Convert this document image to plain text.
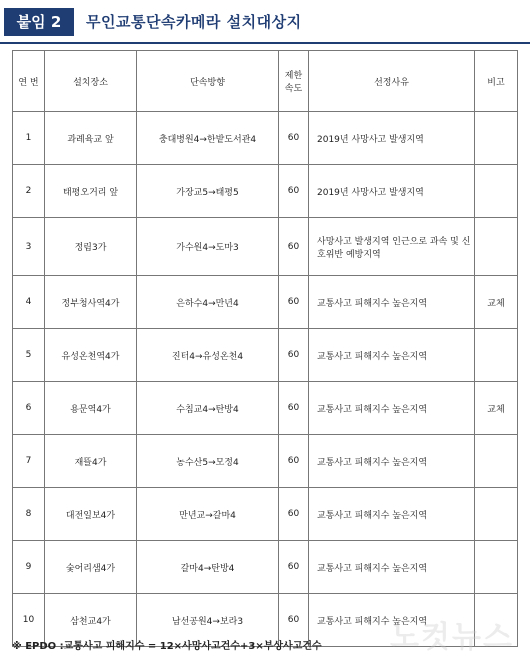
붙임 2	무인교통단속카메라 설치대상지
연 번	설치장소	단속방향	제한 속도	선정사유	비고
1	과례육교 앞	충대병원4→한밭도서관4	60	2019년 사망사고 발생지역	
2	태평오거리 앞	가장교5→태평5	60	2019년 사망사고 발생지역	
3	정림3가	가수원4→도마3	60	사망사고 발생지역 인근으로 과속 및 신호위반 예방지역	
4	정부청사역4가	은하수4→만년4	60	교통사고 피해지수 높은지역	교체
5	유성온천역4가	진터4→유성온천4	60	교통사고 피해지수 높은지역	
6	용문역4가	수침교4→탄방4	60	교통사고 피해지수 높은지역	교체
7	재뜰4가	농수산5→모정4	60	교통사고 피해지수 높은지역	
8	대전일보4가	만년교→갈마4	60	교통사고 피해지수 높은지역	
9	숯어리샘4가	갈마4→탄방4	60	교통사고 피해지수 높은지역	
10	삼천교4가	남선공원4→보라3	60	교통사고 피해지수 높은지역	
※ EPDO :교통사고 피해지수 = 12×사망사고건수+3×부상사고건수 노컷뉴스
